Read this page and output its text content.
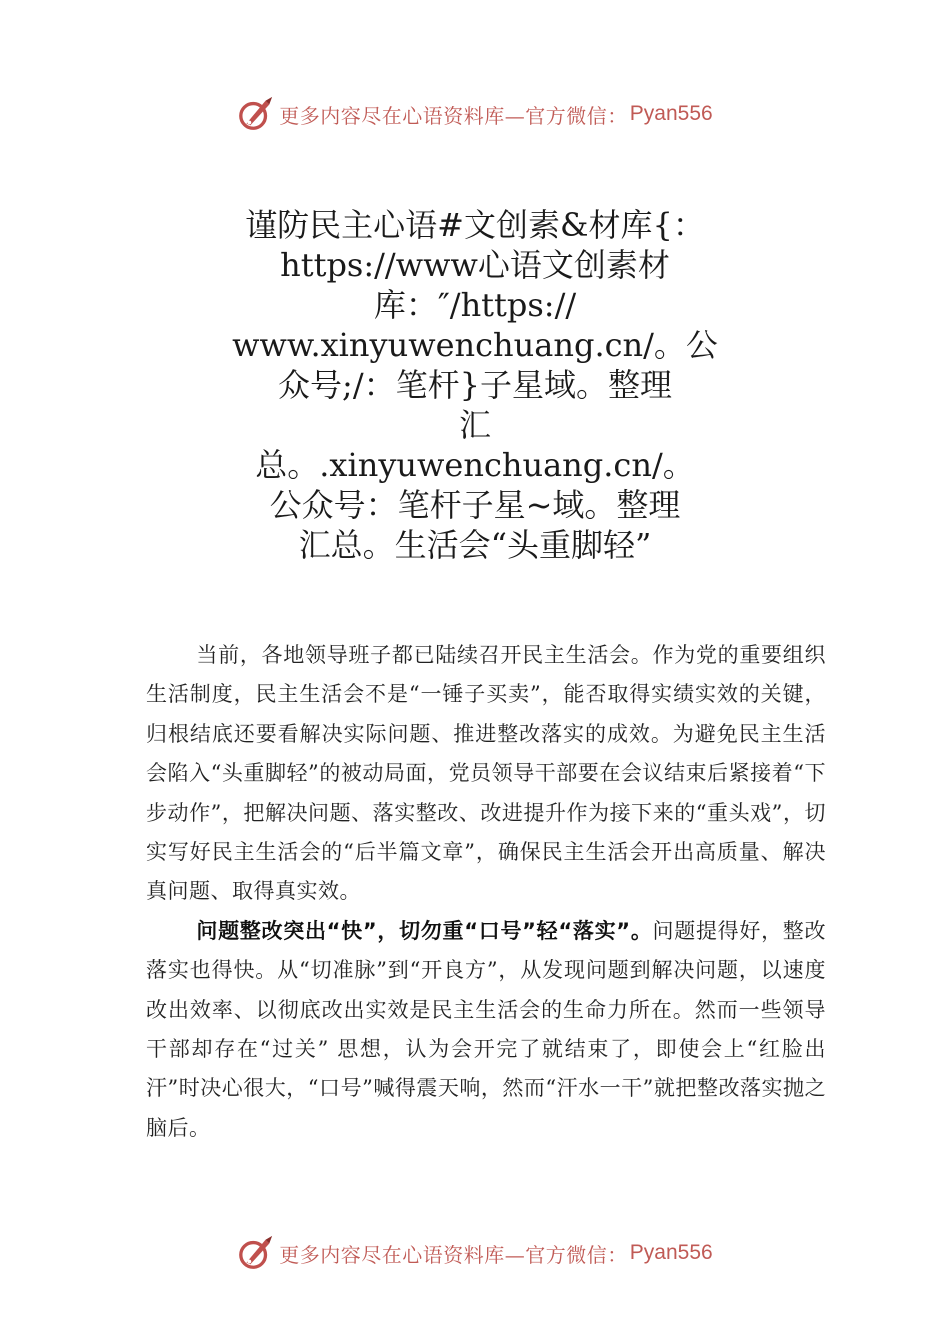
更多内容尽在心语资料库—官方微信： Pyan556
谨防民主心语#文创素&材库{：
https://www心语文创素材
库：″/https://
www.xinyuwenchuang.cn/。公
众号;/：笔杆}子星域。整理
汇
总。.xinyuwenchuang.cn/。
公众号：笔杆子星~域。整理
汇总。生活会“头重脚轻”

当前，各地领导班子都已陆续召开民主生活会。作为党的重要组织生活制度，民主生活会不是“一锤子买卖”，能否取得实绩实效的关键，归根结底还要看解决实际问题、推进整改落实的成效。为避免民主生活会陷入“头重脚轻”的被动局面，党员领导干部要在会议结束后紧接着“下步动作”，把解决问题、落实整改、改进提升作为接下来的“重头戏”，切实写好民主生活会的“后半篇文章”，确保民主生活会开出高质量、解决真问题、取得真实效。

问题整改突出“快”，切勿重“口号”轻“落实”。问题提得好，整改落实也得快。从“切准脉”到“开良方”，从发现问题到解决问题，以速度改出效率、以彻底改出实效是民主生活会的生命力所在。然而一些领导干部却存在“过关” 思想，认为会开完了就结束了，即使会上“红脸出汗”时决心很大，“口号”喊得震天响，然而“汗水一干”就把整改落实抛之脑后。

更多内容尽在心语资料库—官方微信： Pyan556
